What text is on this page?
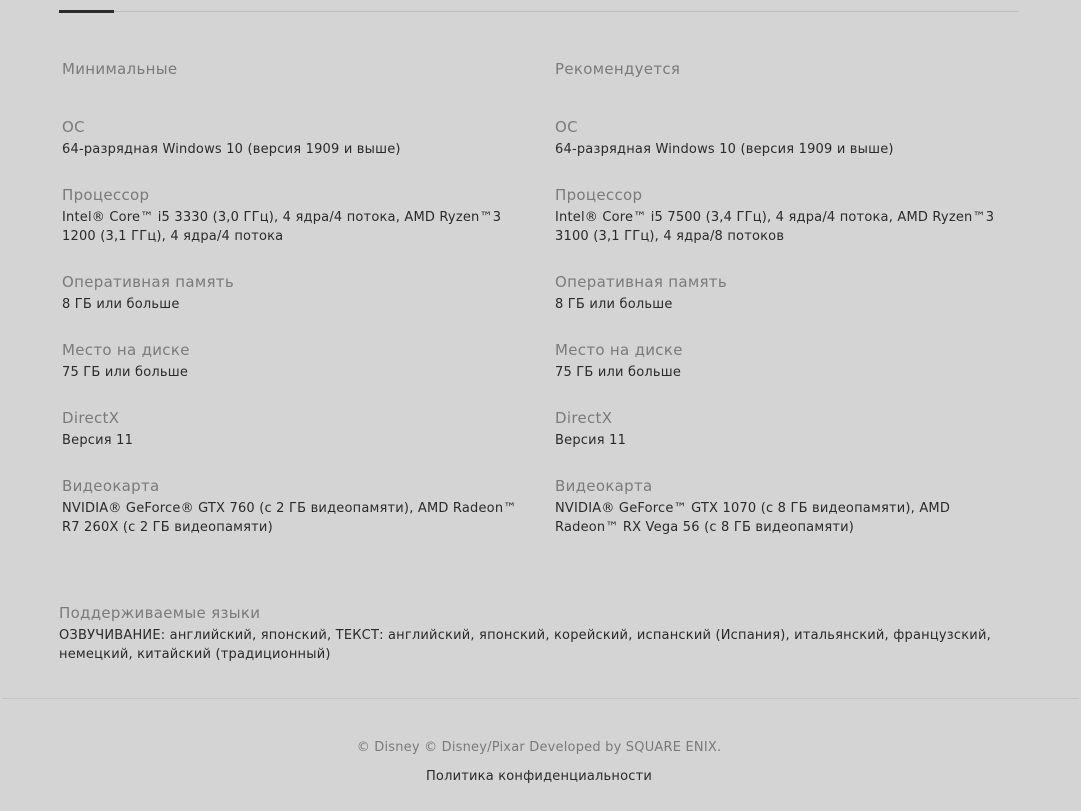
Минимальные
ОС
64-разрядная Windows 10 (версия 1909 и выше)
Процессор
Intel® Core™ i5 3330 (3,0 ГГц), 4 ядра/4 потока, AMD Ryzen™3 1200 (3,1 ГГц), 4 ядра/4 потока
Оперативная память
8 ГБ или больше
Место на диске
75 ГБ или больше
DirectX
Версия 11
Видеокарта
NVIDIA® GeForce® GTX 760 (с 2 ГБ видеопамяти), AMD Radeon™ R7 260X (с 2 ГБ видеопамяти)
Рекомендуется
ОС
64-разрядная Windows 10 (версия 1909 и выше)
Процессор
Intel® Core™ i5 7500 (3,4 ГГц), 4 ядра/4 потока, AMD Ryzen™3 3100 (3,1 ГГц), 4 ядра/8 потоков
Оперативная память
8 ГБ или больше
Место на диске
75 ГБ или больше
DirectX
Версия 11
Видеокарта
NVIDIA® GeForce™ GTX 1070 (с 8 ГБ видеопамяти), AMD Radeon™ RX Vega 56 (с 8 ГБ видеопамяти)
Поддерживаемые языки
ОЗВУЧИВАНИЕ: английский, японский, ТЕКСТ: английский, японский, корейский, испанский (Испания), итальянский, французский, немецкий, китайский (традиционный)
© Disney © Disney/Pixar Developed by SQUARE ENIX.
Политика конфиденциальности
